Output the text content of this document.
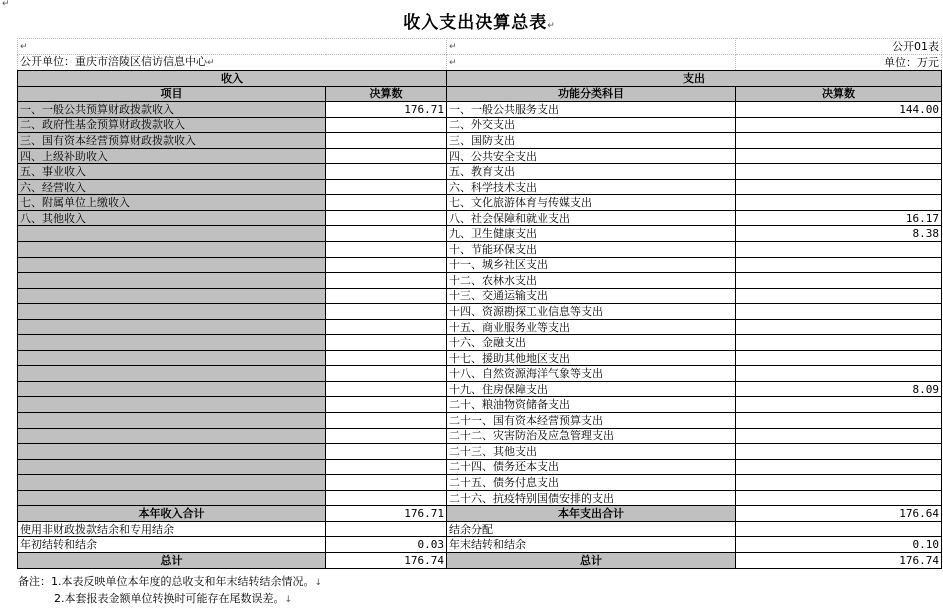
↵
收入支出决算总表↵
↵		↵	公开01表
公开单位：重庆市涪陵区信访信息中心↵		↵	单位：万元
收入		支出	
项目	决算数	功能分类科目	决算数
一、一般公共预算财政拨款收入	176.71	一、一般公共服务支出	144.00
二、政府性基金预算财政拨款收入		二、外交支出	
三、国有资本经营预算财政拨款收入		三、国防支出	
四、上级补助收入		四、公共安全支出	
五、事业收入		五、教育支出	
六、经营收入		六、科学技术支出	
七、附属单位上缴收入		七、文化旅游体育与传媒支出	
八、其他收入		八、社会保障和就业支出	16.17
		九、卫生健康支出	8.38
		十、节能环保支出	
		十一、城乡社区支出	
		十二、农林水支出	
		十三、交通运输支出	
		十四、资源勘探工业信息等支出	
		十五、商业服务业等支出	
		十六、金融支出	
		十七、援助其他地区支出	
		十八、自然资源海洋气象等支出	
		十九、住房保障支出	8.09
		二十、粮油物资储备支出	
		二十一、国有资本经营预算支出	
		二十二、灾害防治及应急管理支出	
		二十三、其他支出	
		二十四、债务还本支出	
		二十五、债务付息支出	
		二十六、抗疫特别国债安排的支出	
本年收入合计	176.71	本年支出合计	176.64
使用非财政拨款结余和专用结余		结余分配	
年初结转和结余	0.03	年末结转和结余	0.10
总计	176.74	总计	176.74
备注：1.本表反映单位本年度的总收支和年末结转结余情况。↓
2.本套报表金额单位转换时可能存在尾数误差。↓
